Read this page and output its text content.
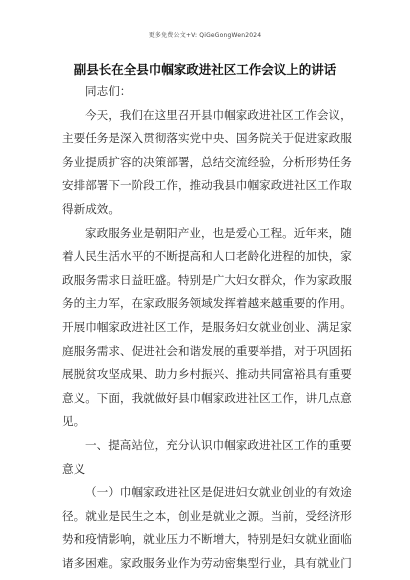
更多免费公文+V: QiGeGongWen2024
副县长在全县巾帼家政进社区工作会议上的讲话
同志们：
今天，我们在这里召开县巾帼家政进社区工作会议，
主要任务是深入贯彻落实党中央、国务院关于促进家政服
务业提质扩容的决策部署，总结交流经验，分析形势任务
安排部署下一阶段工作，推动我县巾帼家政进社区工作取
得新成效。
家政服务业是朝阳产业，也是爱心工程。近年来，随
着人民生活水平的不断提高和人口老龄化进程的加快，家
政服务需求日益旺盛。特别是广大妇女群众，作为家政服
务的主力军，在家政服务领域发挥着越来越重要的作用。
开展巾帼家政进社区工作，是服务妇女就业创业、满足家
庭服务需求、促进社会和谐发展的重要举措，对于巩固拓
展脱贫攻坚成果、助力乡村振兴、推动共同富裕具有重要
意义。下面，我就做好县巾帼家政进社区工作，讲几点意
见。
一、提高站位，充分认识巾帼家政进社区工作的重要
意义
（一）巾帼家政进社区是促进妇女就业创业的有效途
径。就业是民生之本，创业是就业之源。当前，受经济形
势和疫情影响，就业压力不断增大，特别是妇女就业面临
诸多困难。家政服务业作为劳动密集型行业，具有就业门
